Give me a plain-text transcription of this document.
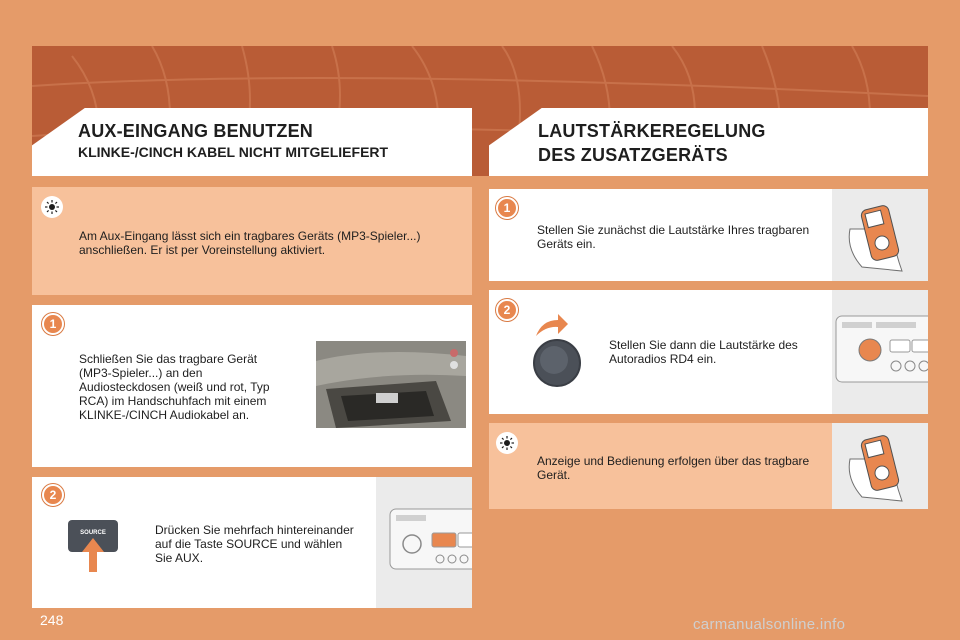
AUX-EINGANG BENUTZEN
KLINKE-/CINCH KABEL NICHT MITGELIEFERT
LAUTSTÄRKEREGELUNG
DES ZUSATZGERÄTS
Am Aux-Eingang lässt sich ein tragbares Geräts (MP3-Spieler...)
anschließen. Er ist per Voreinstellung aktiviert.
1
Schließen Sie das tragbare Gerät
(MP3-Spieler...) an den
Audiosteckdosen (weiß und rot, Typ
RCA) im Handschuhfach mit einem
KLINKE-/CINCH Audiokabel an.
2
SOURCE	Drücken Sie mehrfach hintereinander
auf die Taste SOURCE und wählen
Sie AUX.
1
Stellen Sie zunächst die Lautstärke Ihres tragbaren
Geräts ein.
2
Stellen Sie dann die Lautstärke des
Autoradios RD4 ein.
Anzeige und Bedienung erfolgen über das tragbare
Gerät.
248	carmanualsonline.info
